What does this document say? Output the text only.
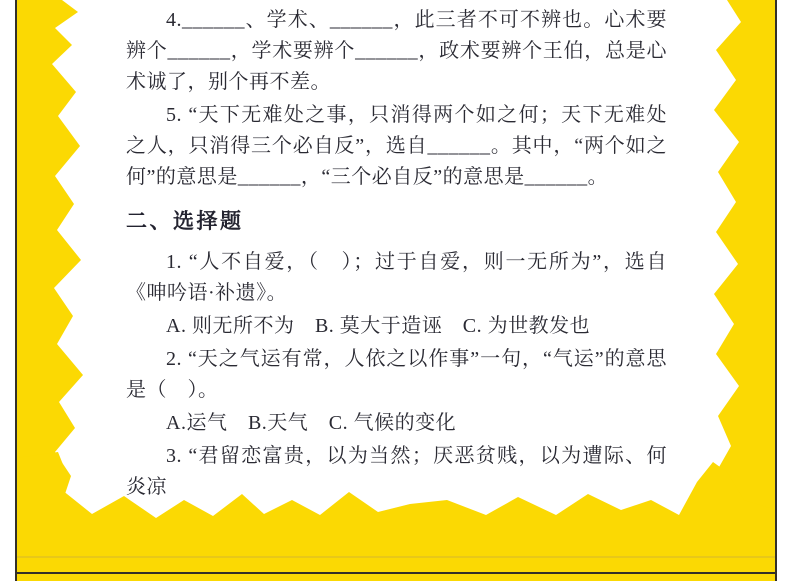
4.______、学术、______，此三者不可不辨也。心术要辨个______，学术要辨个______，政术要辨个王伯，总是心术诚了，别个再不差。

5. “天下无难处之事，只消得两个如之何；天下无难处之人，只消得三个必自反”，选自______。其中，“两个如之何”的意思是______，“三个必自反”的意思是______。

二、选择题

1. “人不自爱，（　）；过于自爱，则一无所为”，选自《呻吟语·补遗》。

A. 则无所不为　B. 莫大于造诬　C. 为世教发也

2. “天之气运有常，人依之以作事”一句，“气运”的意思是（　）。

A.运气　B.天气　C. 气候的变化

3. “君留恋富贵，以为当然；厌恶贫贱，以为遭际、何炎凉
